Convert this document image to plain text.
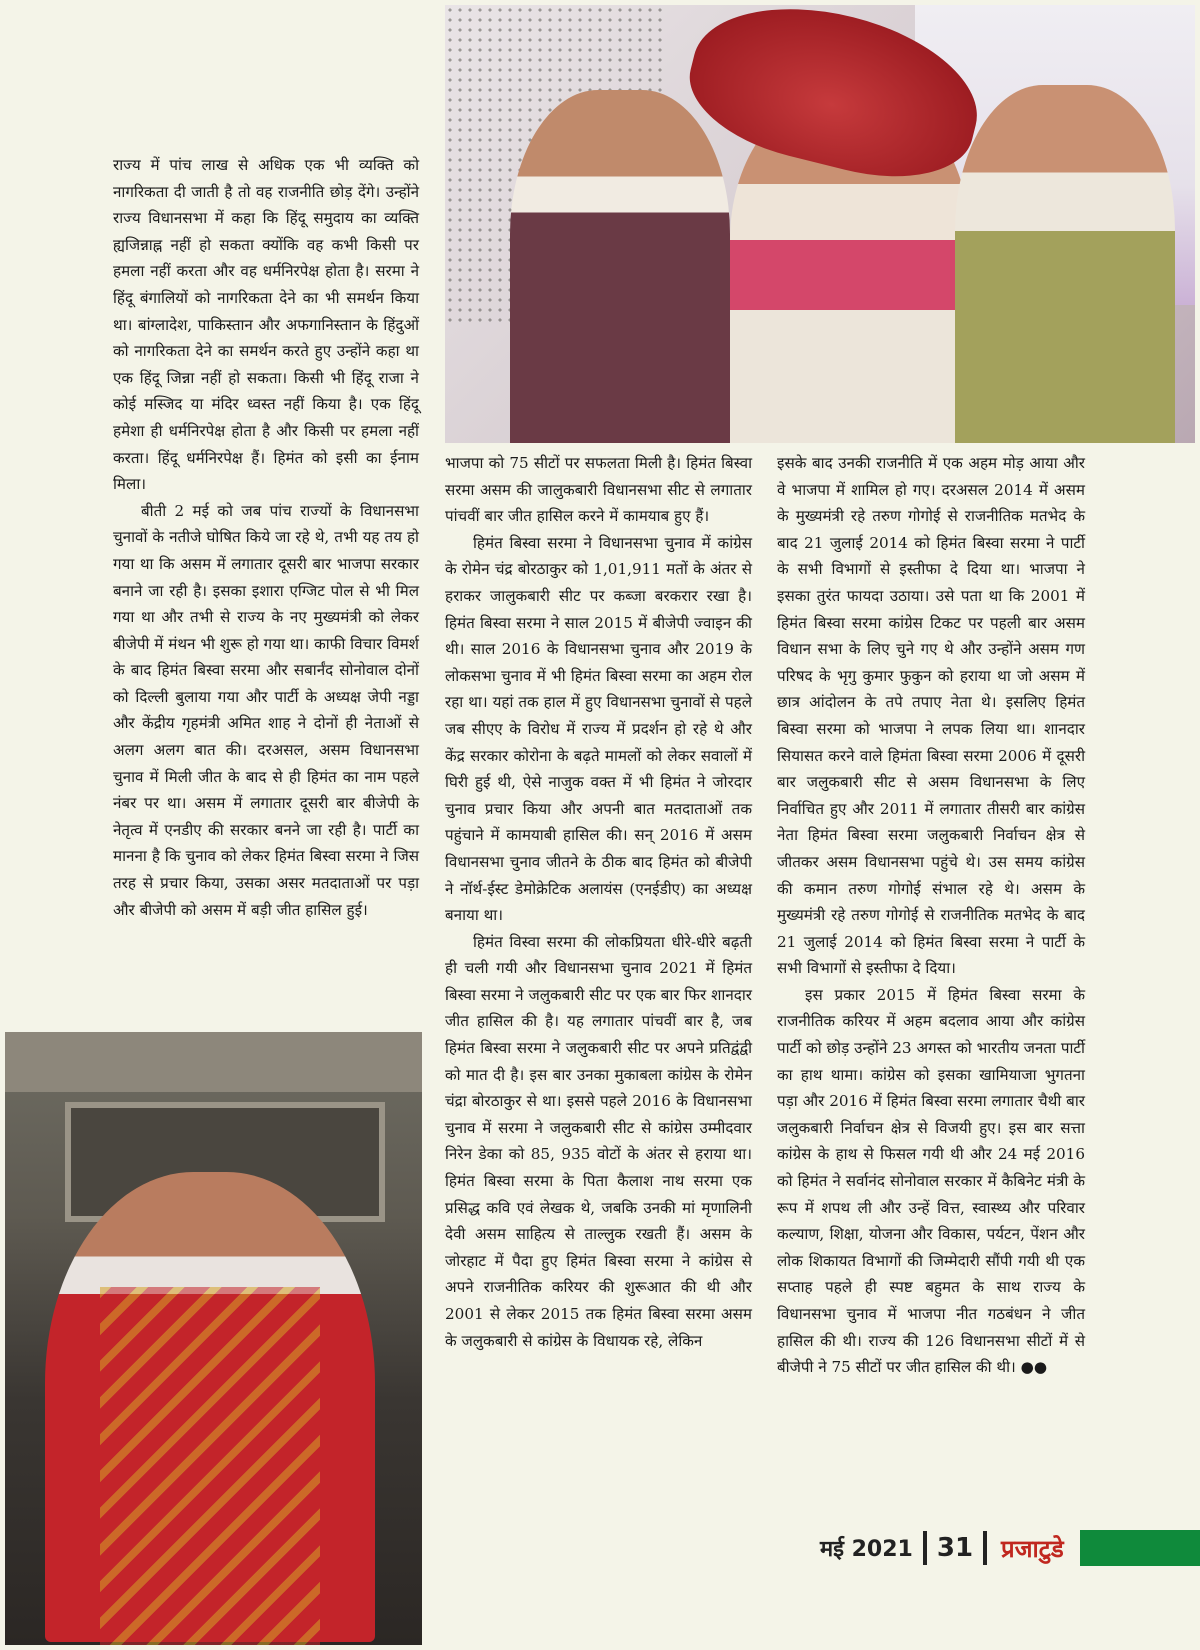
राज्य में पांच लाख से अधिक एक भी व्यक्ति को नागरिकता दी जाती है तो वह राजनीति छोड़ देंगे। उन्होंने राज्य विधानसभा में कहा कि हिंदू समुदाय का व्यक्ति ह्यजिन्नाह्न नहीं हो सकता क्योंकि वह कभी किसी पर हमला नहीं करता और वह धर्मनिरपेक्ष होता है। सरमा ने हिंदू बंगालियों को नागरिकता देने का भी समर्थन किया था। बांग्लादेश, पाकिस्तान और अफगानिस्तान के हिंदुओं को नागरिकता देने का समर्थन करते हुए उन्होंने कहा था एक हिंदू जिन्ना नहीं हो सकता। किसी भी हिंदू राजा ने कोई मस्जिद या मंदिर ध्वस्त नहीं किया है। एक हिंदू हमेशा ही धर्मनिरपेक्ष होता है और किसी पर हमला नहीं करता। हिंदू धर्मनिरपेक्ष हैं। हिमंत को इसी का ईनाम मिला।

बीती 2 मई को जब पांच राज्यों के विधानसभा चुनावों के नतीजे घोषित किये जा रहे थे, तभी यह तय हो गया था कि असम में लगातार दूसरी बार भाजपा सरकार बनाने जा रही है। इसका इशारा एग्जिट पोल से भी मिल गया था और तभी से राज्य के नए मुख्यमंत्री को लेकर बीजेपी में मंथन भी शुरू हो गया था। काफी विचार विमर्श के बाद हिमंत बिस्वा सरमा और सबार्नंद सोनोवाल दोनों को दिल्ली बुलाया गया और पार्टी के अध्यक्ष जेपी नड्डा और केंद्रीय गृहमंत्री अमित शाह ने दोनों ही नेताओं से अलग अलग बात की। दरअसल, असम विधानसभा चुनाव में मिली जीत के बाद से ही हिमंत का नाम पहले नंबर पर था। असम में लगातार दूसरी बार बीजेपी के नेतृत्व में एनडीए की सरकार बनने जा रही है। पार्टी का मानना है कि चुनाव को लेकर हिमंत बिस्वा सरमा ने जिस तरह से प्रचार किया, उसका असर मतदाताओं पर पड़ा और बीजेपी को असम में बड़ी जीत हासिल हुई।

भाजपा को 75 सीटों पर सफलता मिली है। हिमंत बिस्वा सरमा असम की जालुकबारी विधानसभा सीट से लगातार पांचवीं बार जीत हासिल करने में कामयाब हुए हैं।

हिमंत बिस्वा सरमा ने विधानसभा चुनाव में कांग्रेस के रोमेन चंद्र बोरठाकुर को 1,01,911 मतों के अंतर से हराकर जालुकबारी सीट पर कब्जा बरकरार रखा है। हिमंत बिस्वा सरमा ने साल 2015 में बीजेपी ज्वाइन की थी। साल 2016 के विधानसभा चुनाव और 2019 के लोकसभा चुनाव में भी हिमंत बिस्वा सरमा का अहम रोल रहा था। यहां तक हाल में हुए विधानसभा चुनावों से पहले जब सीएए के विरोध में राज्य में प्रदर्शन हो रहे थे और केंद्र सरकार कोरोना के बढ़ते मामलों को लेकर सवालों में घिरी हुई थी, ऐसे नाजुक वक्त में भी हिमंत ने जोरदार चुनाव प्रचार किया और अपनी बात मतदाताओं तक पहुंचाने में कामयाबी हासिल की। सन् 2016 में असम विधानसभा चुनाव जीतने के ठीक बाद हिमंत को बीजेपी ने नॉर्थ-ईस्ट डेमोक्रेटिक अलायंस (एनईडीए) का अध्यक्ष बनाया था।

हिमंत विस्वा सरमा की लोकप्रियता धीरे-धीरे बढ़ती ही चली गयी और विधानसभा चुनाव 2021 में हिमंत बिस्वा सरमा ने जलुकबारी सीट पर एक बार फिर शानदार जीत हासिल की है। यह लगातार पांचवीं बार है, जब हिमंत बिस्वा सरमा ने जलुकबारी सीट पर अपने प्रतिद्वंद्वी को मात दी है। इस बार उनका मुकाबला कांग्रेस के रोमेन चंद्रा बोरठाकुर से था। इससे पहले 2016 के विधानसभा चुनाव में सरमा ने जलुकबारी सीट से कांग्रेस उम्मीदवार निरेन डेका को 85, 935 वोटों के अंतर से हराया था। हिमंत बिस्वा सरमा के पिता कैलाश नाथ सरमा एक प्रसिद्ध कवि एवं लेखक थे, जबकि उनकी मां मृणालिनी देवी असम साहित्य से ताल्लुक रखती हैं। असम के जोरहाट में पैदा हुए हिमंत बिस्वा सरमा ने कांग्रेस से अपने राजनीतिक करियर की शुरूआत की थी और 2001 से लेकर 2015 तक हिमंत बिस्वा सरमा असम के जलुकबारी से कांग्रेस के विधायक रहे, लेकिन

इसके बाद उनकी राजनीति में एक अहम मोड़ आया और वे भाजपा में शामिल हो गए। दरअसल 2014 में असम के मुख्यमंत्री रहे तरुण गोगोई से राजनीतिक मतभेद के बाद 21 जुलाई 2014 को हिमंत बिस्वा सरमा ने पार्टी के सभी विभागों से इस्तीफा दे दिया था। भाजपा ने इसका तुरंत फायदा उठाया। उसे पता था कि 2001 में हिमंत बिस्वा सरमा कांग्रेस टिकट पर पहली बार असम विधान सभा के लिए चुने गए थे और उन्होंने असम गण परिषद के भृगु कुमार फुकुन को हराया था जो असम में छात्र आंदोलन के तपे तपाए नेता थे। इसलिए हिमंत बिस्वा सरमा को भाजपा ने लपक लिया था। शानदार सियासत करने वाले हिमंता बिस्वा सरमा 2006 में दूसरी बार जलुकबारी सीट से असम विधानसभा के लिए निर्वाचित हुए और 2011 में लगातार तीसरी बार कांग्रेस नेता हिमंत बिस्वा सरमा जलुकबारी निर्वाचन क्षेत्र से जीतकर असम विधानसभा पहुंचे थे। उस समय कांग्रेस की कमान तरुण गोगोई संभाल रहे थे। असम के मुख्यमंत्री रहे तरुण गोगोई से राजनीतिक मतभेद के बाद 21 जुलाई 2014 को हिमंत बिस्वा सरमा ने पार्टी के सभी विभागों से इस्तीफा दे दिया।

इस प्रकार 2015 में हिमंत बिस्वा सरमा के राजनीतिक करियर में अहम बदलाव आया और कांग्रेस पार्टी को छोड़ उन्होंने 23 अगस्त को भारतीय जनता पार्टी का हाथ थामा। कांग्रेस को इसका खामियाजा भुगतना पड़ा और 2016 में हिमंत बिस्वा सरमा लगातार चैथी बार जलुकबारी निर्वाचन क्षेत्र से विजयी हुए। इस बार सत्ता कांग्रेस के हाथ से फिसल गयी थी और 24 मई 2016 को हिमंत ने सर्वानंद सोनोवाल सरकार में कैबिनेट मंत्री के रूप में शपथ ली और उन्हें वित्त, स्वास्थ्य और परिवार कल्याण, शिक्षा, योजना और विकास, पर्यटन, पेंशन और लोक शिकायत विभागों की जिम्मेदारी सौंपी गयी थी एक सप्ताह पहले ही स्पष्ट बहुमत के साथ राज्य के विधानसभा चुनाव में भाजपा नीत गठबंधन ने जीत हासिल की थी। राज्य की 126 विधानसभा सीटों में से बीजेपी ने 75 सीटों पर जीत हासिल की थी। ●●

मई 2021 31 प्रजाटुडे
